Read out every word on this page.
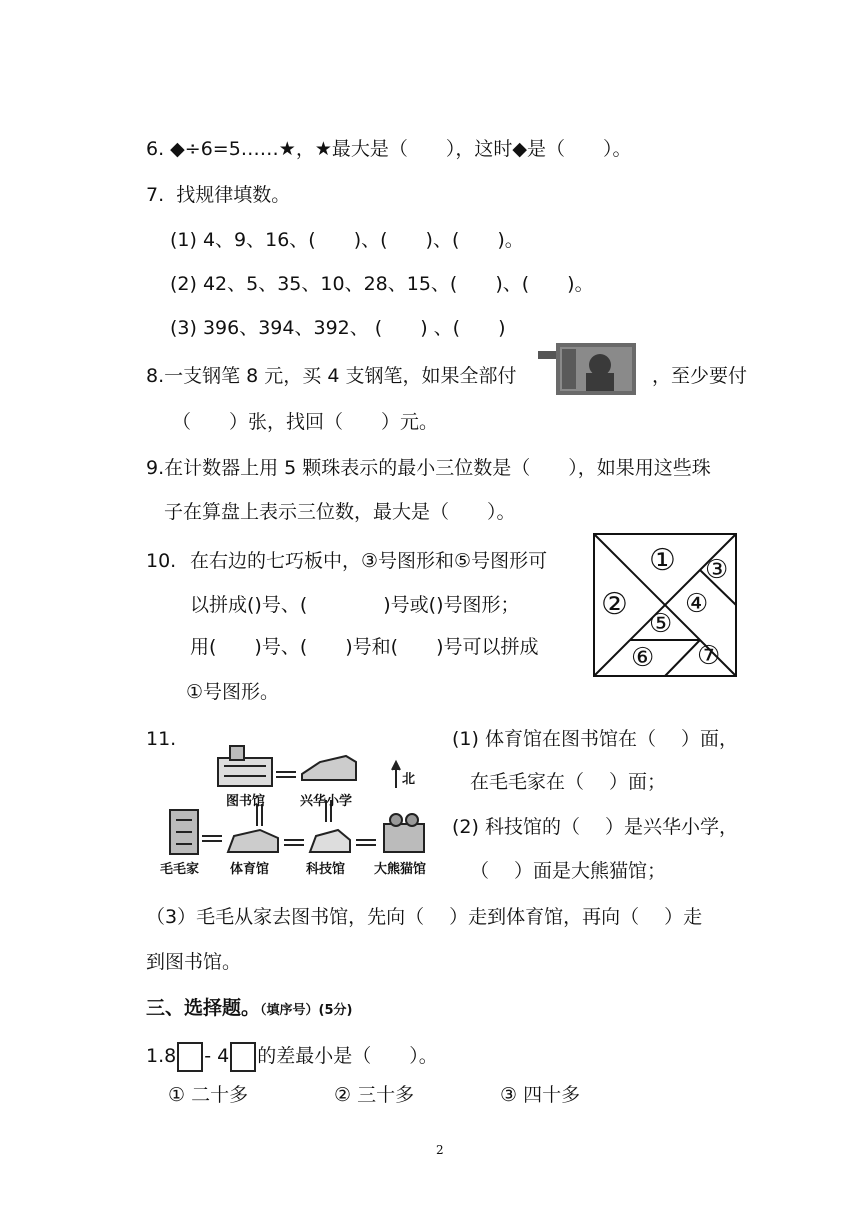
6. ◆÷6=5……★，★最大是（　　），这时◆是（　　）。
7.  找规律填数。
(1) 4、9、16、(　　)、(　　)、(　　)。
(2) 42、5、35、10、28、15、(　　)、(　　)。
(3) 396、394、392、 (　　) 、(　　)
8.一支钢笔 8 元，买 4 支钢笔，如果全部付	，至少要付
（　　）张，找回（　　）元。
9.在计数器上用 5 颗珠表示的最小三位数是（　　），如果用这些珠
子在算盘上表示三位数，最大是（　　）。
10. 在右边的七巧板中，③号图形和⑤号图形可
以拼成()号、(　　　　)号或()号图形；
用(　　)号、(　　)号和(　　)号可以拼成
①号图形。
①
②
③
④
⑤
⑥ ⑦
11.
图书馆	兴华小学
北
毛毛家 体育馆	科技馆 大熊猫馆
(1) 体育馆在图书馆在（　 ）面，
在毛毛家在（　 ）面；
(2) 科技馆的（　 ）是兴华小学，
（　 ）面是大熊猫馆；
（3）毛毛从家去图书馆，先向（　 ）走到体育馆，再向（　 ）走
到图书馆。
三、选择题。（填序号）(5分)
1.8 - 4 的差最小是（　　）。
① 二十多	② 三十多	③ 四十多
2
